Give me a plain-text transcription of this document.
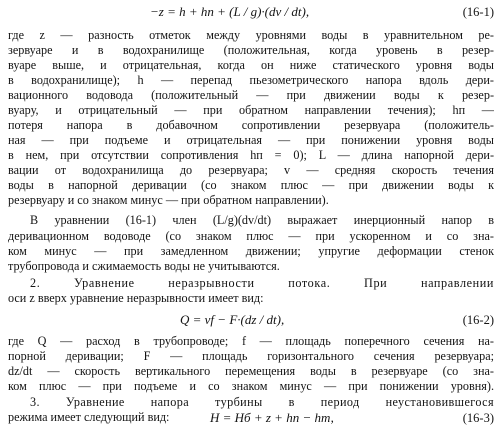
−z = h + hп + (L / g)·(dv / dt),	(16-1)
где z — разность отметок между уровнями воды в уравнительном ре-
зервуаре и в водохранилище (положительная, когда уровень в резер-
вуаре выше, и отрицательная, когда он ниже статического уровня воды
в водохранилище); h — перепад пьезометрического напора вдоль дери-
вационного водовода (положительный — при движении воды к резер-
вуару, и отрицательный — при обратном направлении течения); hп —
потеря напора в добавочном сопротивлении резервуара (положитель-
ная — при подъеме и отрицательная — при понижении уровня воды
в нем, при отсутствии сопротивления hп = 0); L — длина напорной дери-
вации от водохранилища до резервуара; v — средняя скорость течения
воды в напорной деривации (со знаком плюс — при движении воды к
резервуару и со знаком минус — при обратном направлении).
В уравнении (16-1) член (L/g)(dv/dt) выражает инерционный напор в
деривационном водоводе (со знаком плюс — при ускоренном и со зна-
ком минус — при замедленном движении; упругие деформации стенок
трубопровода и сжимаемость воды не учитываются.
2. Уравнение неразрывности потока. При направлении
оси z вверх уравнение неразрывности имеет вид:
Q = vf − F·(dz / dt),	(16-2)
где Q — расход в трубопроводе; f — площадь поперечного сечения на-
порной деривации; F — площадь горизонтального сечения резервуара;
dz/dt — скорость вертикального перемещения воды в резервуаре (со зна-
ком плюс — при подъеме и со знаком минус — при понижении уровня).
3. Уравнение напора турбины в период неустановившегося
режима имеет следующий вид:	H = Hб + z + hп − hт,	(16-3)
